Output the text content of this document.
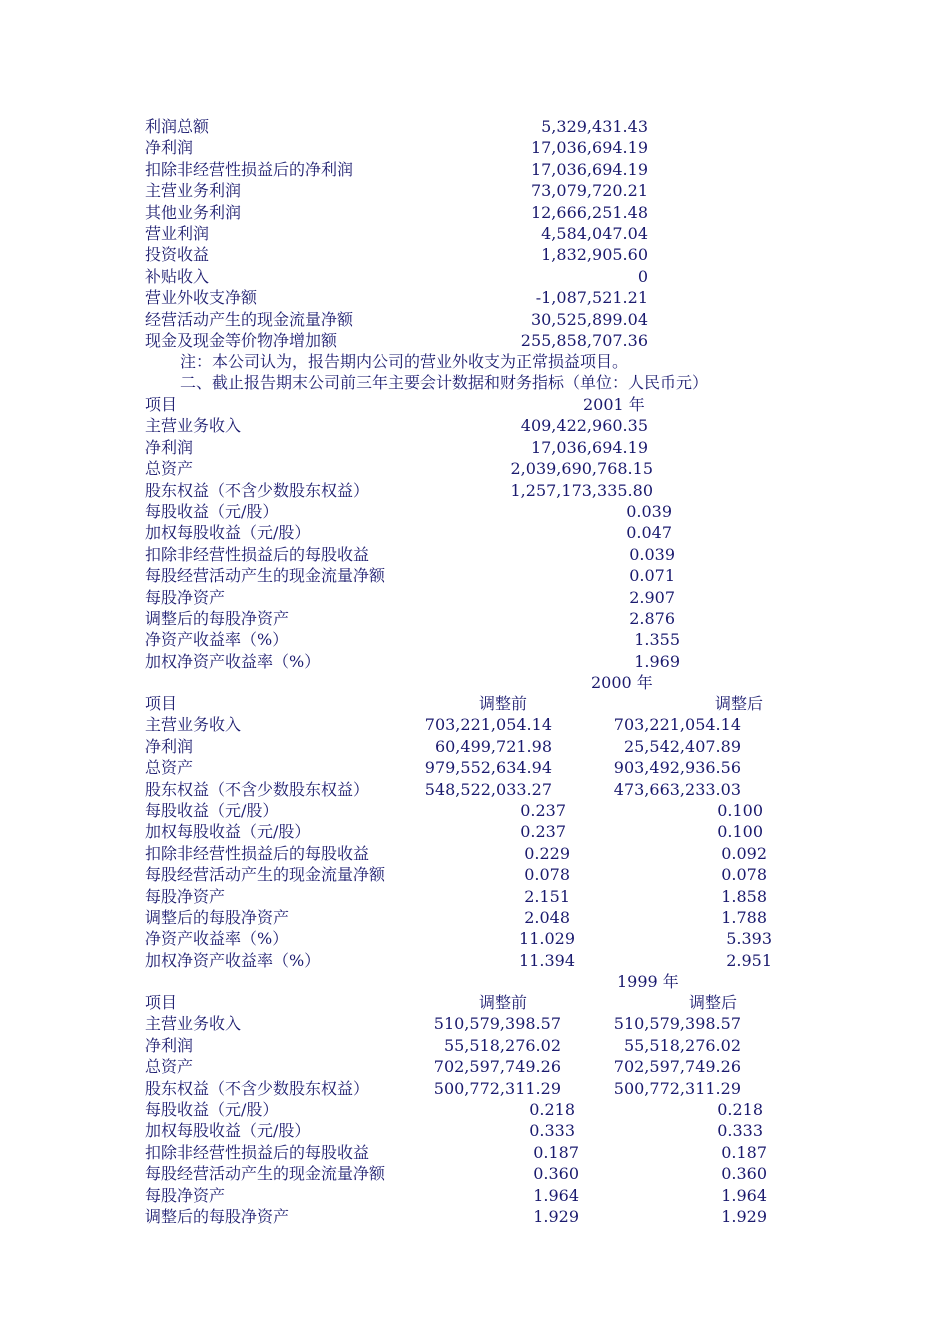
利润总额	5,329,431.43
净利润	17,036,694.19
扣除非经营性损益后的净利润	17,036,694.19
主营业务利润	73,079,720.21
其他业务利润	12,666,251.48
营业利润	4,584,047.04
投资收益	1,832,905.60
补贴收入	0
营业外收支净额	-1,087,521.21
经营活动产生的现金流量净额	30,525,899.04
现金及现金等价物净增加额	255,858,707.36
注：本公司认为，报告期内公司的营业外收支为正常损益项目。
二、截止报告期末公司前三年主要会计数据和财务指标（单位：人民币元）
项目	2001 年
主营业务收入	409,422,960.35
净利润	17,036,694.19
总资产	2,039,690,768.15
股东权益（不含少数股东权益）	1,257,173,335.80
每股收益（元/股）	0.039
加权每股收益（元/股）	0.047
扣除非经营性损益后的每股收益	0.039
每股经营活动产生的现金流量净额	0.071
每股净资产	2.907
调整后的每股净资产	2.876
净资产收益率（%）	1.355
加权净资产收益率（%）	1.969
2000 年
项目	调整前	调整后
主营业务收入	703,221,054.14	703,221,054.14
净利润	60,499,721.98	25,542,407.89
总资产	979,552,634.94	903,492,936.56
股东权益（不含少数股东权益）	548,522,033.27	473,663,233.03
每股收益（元/股）	0.237	0.100
加权每股收益（元/股）	0.237	0.100
扣除非经营性损益后的每股收益	0.229	0.092
每股经营活动产生的现金流量净额	0.078	0.078
每股净资产	2.151	1.858
调整后的每股净资产	2.048	1.788
净资产收益率（%）	11.029	5.393
加权净资产收益率（%）	11.394	2.951
1999 年
项目	调整前	调整后
主营业务收入	510,579,398.57	510,579,398.57
净利润	55,518,276.02	55,518,276.02
总资产	702,597,749.26	702,597,749.26
股东权益（不含少数股东权益）	500,772,311.29	500,772,311.29
每股收益（元/股）	0.218	0.218
加权每股收益（元/股）	0.333	0.333
扣除非经营性损益后的每股收益	0.187	0.187
每股经营活动产生的现金流量净额	0.360	0.360
每股净资产	1.964	1.964
调整后的每股净资产	1.929	1.929
